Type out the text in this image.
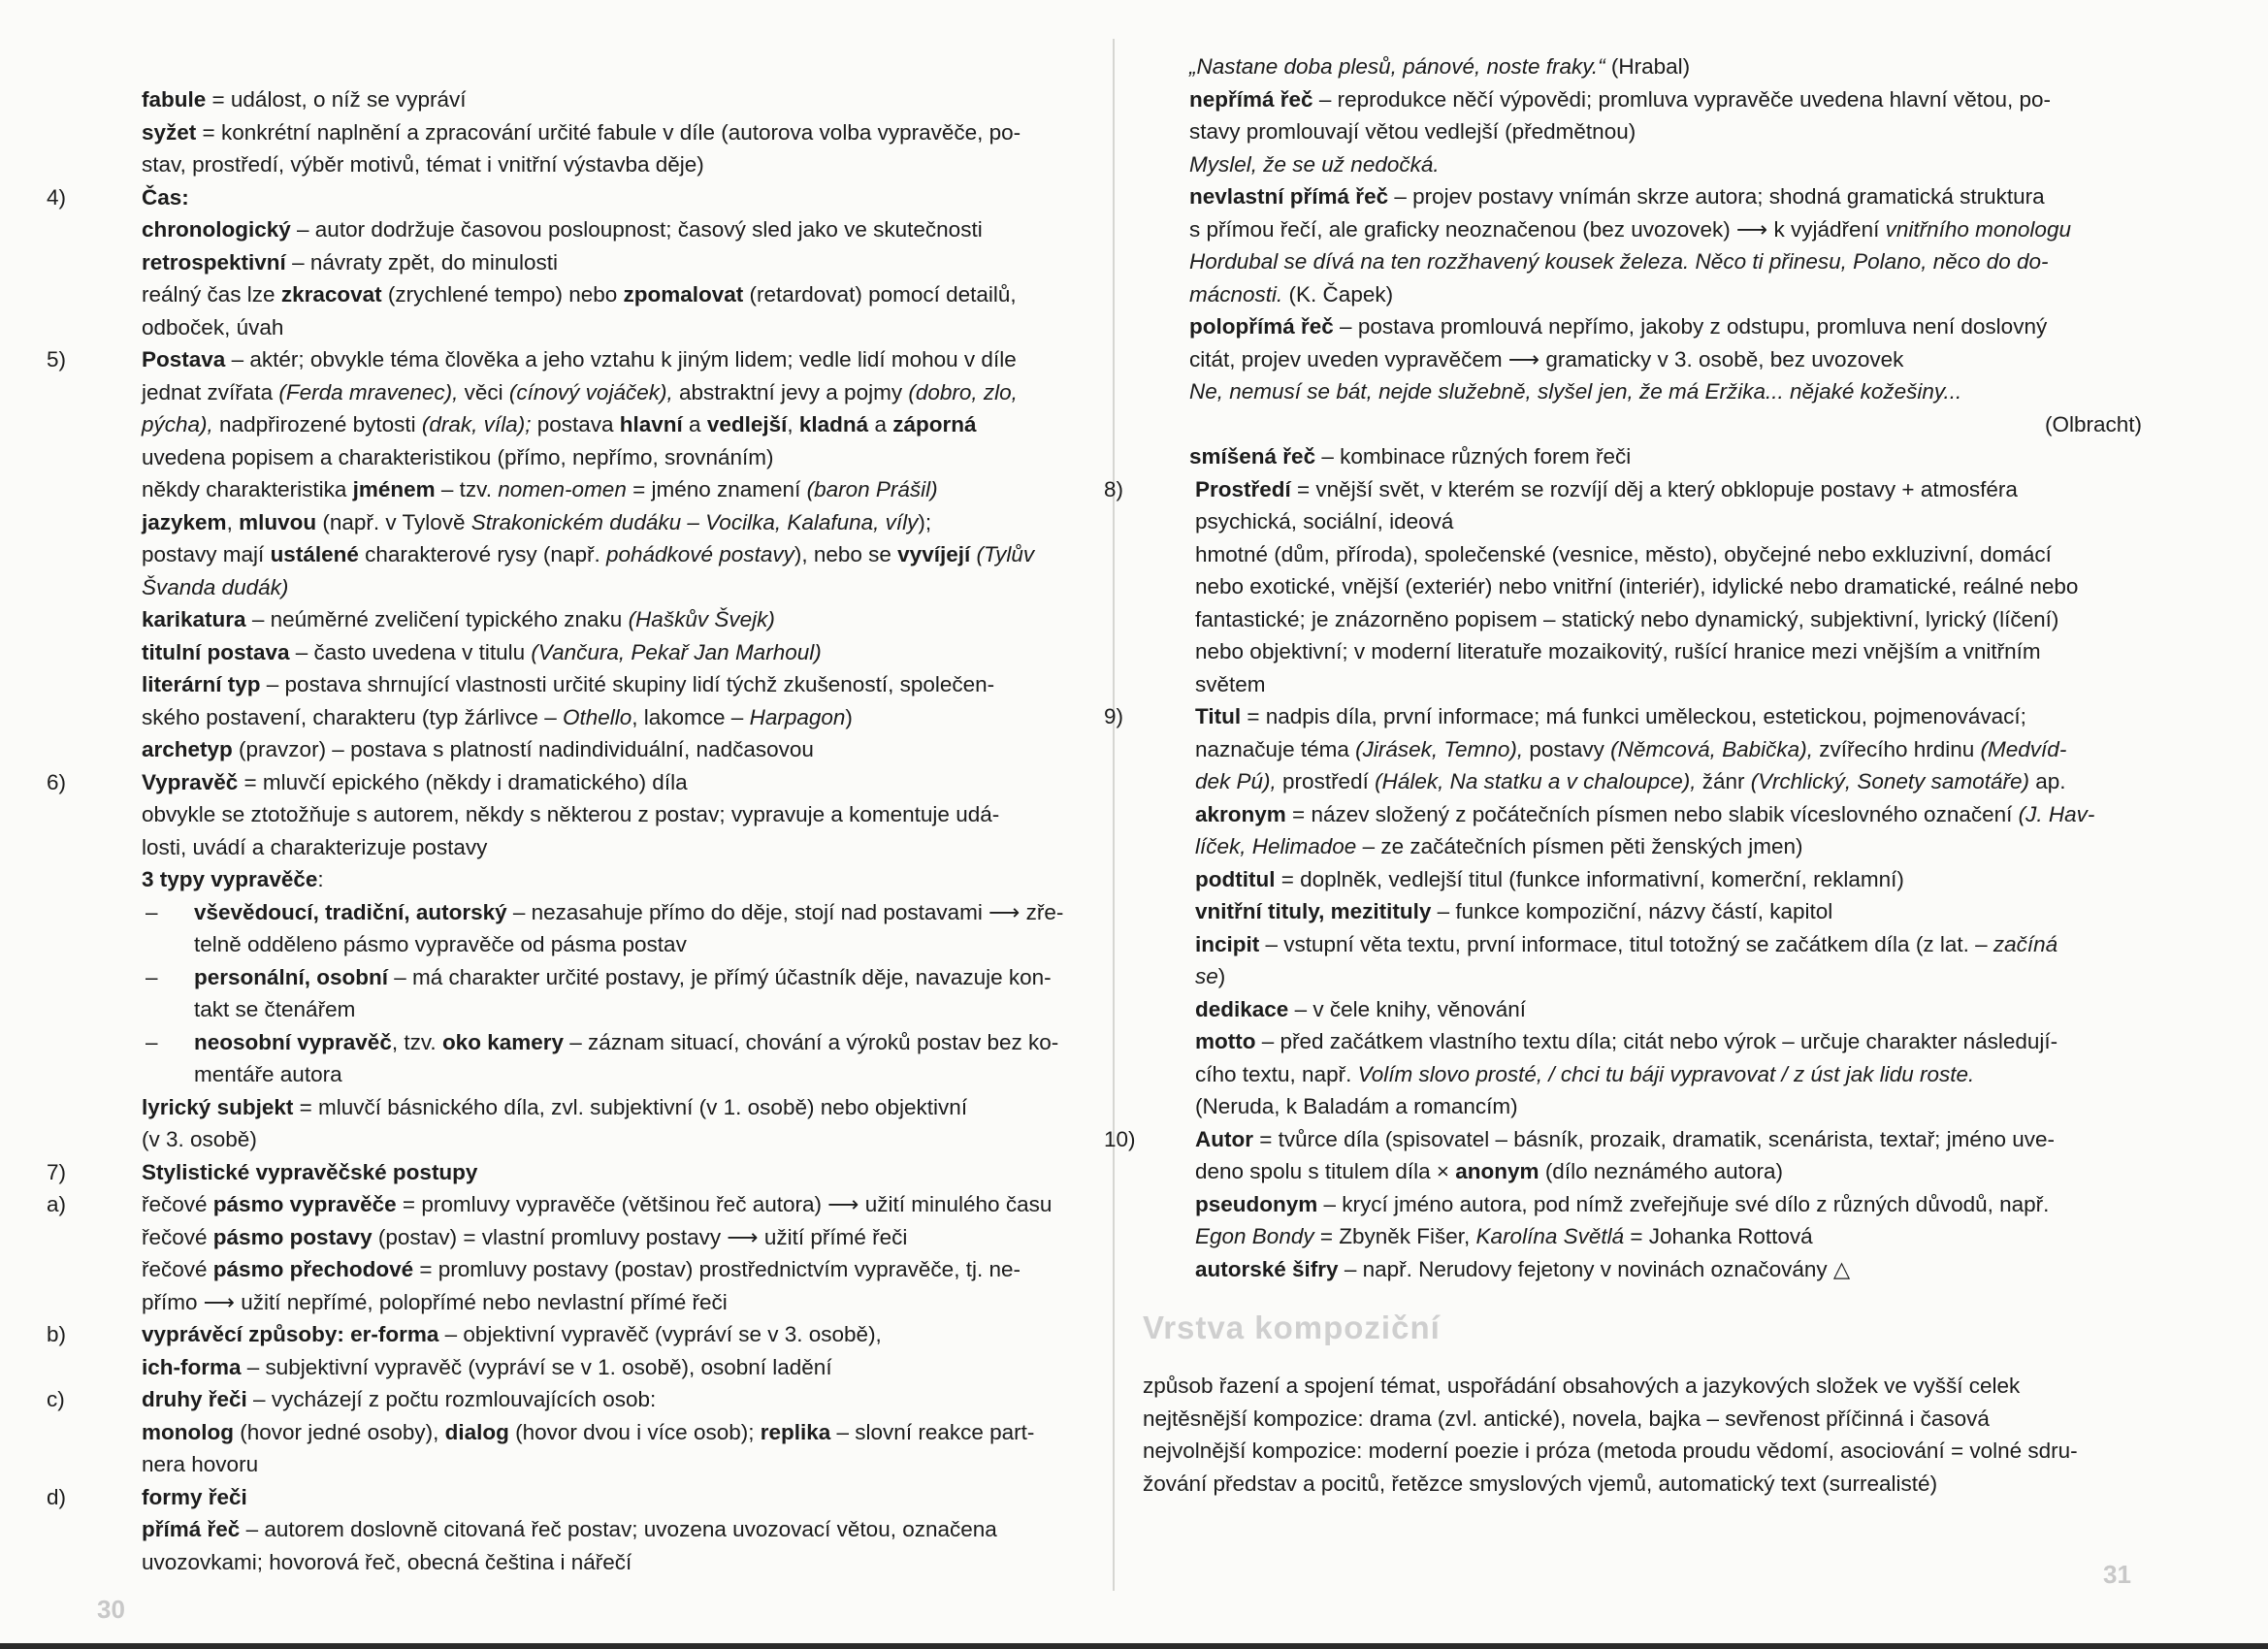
fabule = událost, o níž se vypráví

syžet = konkrétní naplnění a zpracování určité fabule v díle (autorova volba vypravěče, po-

stav, prostředí, výběr motivů, témat i vnitřní výstavba děje)

4)	Čas:

chronologický – autor dodržuje časovou posloupnost; časový sled jako ve skutečnosti

retrospektivní – návraty zpět, do minulosti

reálný čas lze zkracovat (zrychlené tempo) nebo zpomalovat (retardovat) pomocí detailů,

odboček, úvah

5)	Postava – aktér; obvykle téma člověka a jeho vztahu k jiným lidem; vedle lidí mohou v díle

jednat zvířata (Ferda mravenec), věci (cínový vojáček), abstraktní jevy a pojmy (dobro, zlo,

pýcha), nadpřirozené bytosti (drak, víla); postava hlavní a vedlejší, kladná a záporná

uvedena popisem a charakteristikou (přímo, nepřímo, srovnáním)

někdy charakteristika jménem – tzv. nomen-omen = jméno znamení (baron Prášil)

jazykem, mluvou (např. v Tylově Strakonickém dudáku – Vocilka, Kalafuna, víly);

postavy mají ustálené charakterové rysy (např. pohádkové postavy), nebo se vyvíjejí (Tylův

Švanda dudák)

karikatura – neúměrné zveličení typického znaku (Haškův Švejk)

titulní postava – často uvedena v titulu (Vančura, Pekař Jan Marhoul)

literární typ – postava shrnující vlastnosti určité skupiny lidí týchž zkušeností, společen-

ského postavení, charakteru (typ žárlivce – Othello, lakomce – Harpagon)

archetyp (pravzor) – postava s platností nadindividuální, nadčasovou

6)	Vypravěč = mluvčí epického (někdy i dramatického) díla

obvykle se ztotožňuje s autorem, někdy s některou z postav; vypravuje a komentuje udá-

losti, uvádí a charakterizuje postavy

3 typy vypravěče:

– vševědoucí, tradiční, autorský – nezasahuje přímo do děje, stojí nad postavami ⟶ zře-

telně odděleno pásmo vypravěče od pásma postav

– personální, osobní – má charakter určité postavy, je přímý účastník děje, navazuje kon-

takt se čtenářem

– neosobní vypravěč, tzv. oko kamery – záznam situací, chování a výroků postav bez ko-

mentáře autora

lyrický subjekt = mluvčí básnického díla, zvl. subjektivní (v 1. osobě) nebo objektivní

(v 3. osobě)

7)	Stylistické vypravěčské postupy

a)	řečové pásmo vypravěče = promluvy vypravěče (většinou řeč autora) ⟶ užití minulého času

řečové pásmo postavy (postav) = vlastní promluvy postavy ⟶ užití přímé řeči

řečové pásmo přechodové = promluvy postavy (postav) prostřednictvím vypravěče, tj. ne-

přímo ⟶ užití nepřímé, polopřímé nebo nevlastní přímé řeči

b)	vyprávěcí způsoby: er-forma – objektivní vypravěč (vypráví se v 3. osobě),

ich-forma – subjektivní vypravěč (vypráví se v 1. osobě), osobní ladění

c)	druhy řeči – vycházejí z počtu rozmlouvajících osob:

monolog (hovor jedné osoby), dialog (hovor dvou i více osob); replika – slovní reakce part-

nera hovoru

d)	formy řeči

přímá řeč – autorem doslovně citovaná řeč postav; uvozena uvozovací větou, označena

uvozovkami; hovorová řeč, obecná čeština i nářečí

30

„Nastane doba plesů, pánové, noste fraky.“ (Hrabal)

nepřímá řeč – reprodukce něčí výpovědi; promluva vypravěče uvedena hlavní větou, po-

stavy promlouvají větou vedlejší (předmětnou)

Myslel, že se už nedočká.

nevlastní přímá řeč – projev postavy vnímán skrze autora; shodná gramatická struktura

s přímou řečí, ale graficky neoznačenou (bez uvozovek) ⟶ k vyjádření vnitřního monologu

Hordubal se dívá na ten rozžhavený kousek železa. Něco ti přinesu, Polano, něco do do-

mácnosti. (K. Čapek)

polopřímá řeč – postava promlouvá nepřímo, jakoby z odstupu, promluva není doslovný

citát, projev uveden vypravěčem ⟶ gramaticky v 3. osobě, bez uvozovek

Ne, nemusí se bát, nejde služebně, slyšel jen, že má Eržika... nějaké kožešiny...

(Olbracht)

smíšená řeč – kombinace různých forem řeči

8)	Prostředí = vnější svět, v kterém se rozvíjí děj a který obklopuje postavy + atmosféra

psychická, sociální, ideová

hmotné (dům, příroda), společenské (vesnice, město), obyčejné nebo exkluzivní, domácí

nebo exotické, vnější (exteriér) nebo vnitřní (interiér), idylické nebo dramatické, reálné nebo

fantastické; je znázorněno popisem – statický nebo dynamický, subjektivní, lyrický (líčení)

nebo objektivní; v moderní literatuře mozaikovitý, rušící hranice mezi vnějším a vnitřním

světem

9)	Titul = nadpis díla, první informace; má funkci uměleckou, estetickou, pojmenovávací;

naznačuje téma (Jirásek, Temno), postavy (Němcová, Babička), zvířecího hrdinu (Medvíd-

dek Pú), prostředí (Hálek, Na statku a v chaloupce), žánr (Vrchlický, Sonety samotáře) ap.

akronym = název složený z počátečních písmen nebo slabik víceslovného označení (J. Hav-

líček, Helimadoe – ze začátečních písmen pěti ženských jmen)

podtitul = doplněk, vedlejší titul (funkce informativní, komerční, reklamní)

vnitřní tituly, mezitituly – funkce kompoziční, názvy částí, kapitol

incipit – vstupní věta textu, první informace, titul totožný se začátkem díla (z lat. – začíná

se)

dedikace – v čele knihy, věnování

motto – před začátkem vlastního textu díla; citát nebo výrok – určuje charakter následují-

cího textu, např. Volím slovo prosté, / chci tu báji vypravovat / z úst jak lidu roste.

(Neruda, k Baladám a romancím)

10)	Autor = tvůrce díla (spisovatel – básník, prozaik, dramatik, scenárista, textař; jméno uve-

deno spolu s titulem díla × anonym (dílo neznámého autora)

pseudonym – krycí jméno autora, pod nímž zveřejňuje své dílo z různých důvodů, např.

Egon Bondy = Zbyněk Fišer, Karolína Světlá = Johanka Rottová

autorské šifry – např. Nerudovy fejetony v novinách označovány △

Vrstva kompoziční

způsob řazení a spojení témat, uspořádání obsahových a jazykových složek ve vyšší celek

nejtěsnější kompozice: drama (zvl. antické), novela, bajka – sevřenost příčinná i časová

nejvolnější kompozice: moderní poezie i próza (metoda proudu vědomí, asociování = volné sdru-

žování představ a pocitů, řetězce smyslových vjemů, automatický text (surrealisté)

31
